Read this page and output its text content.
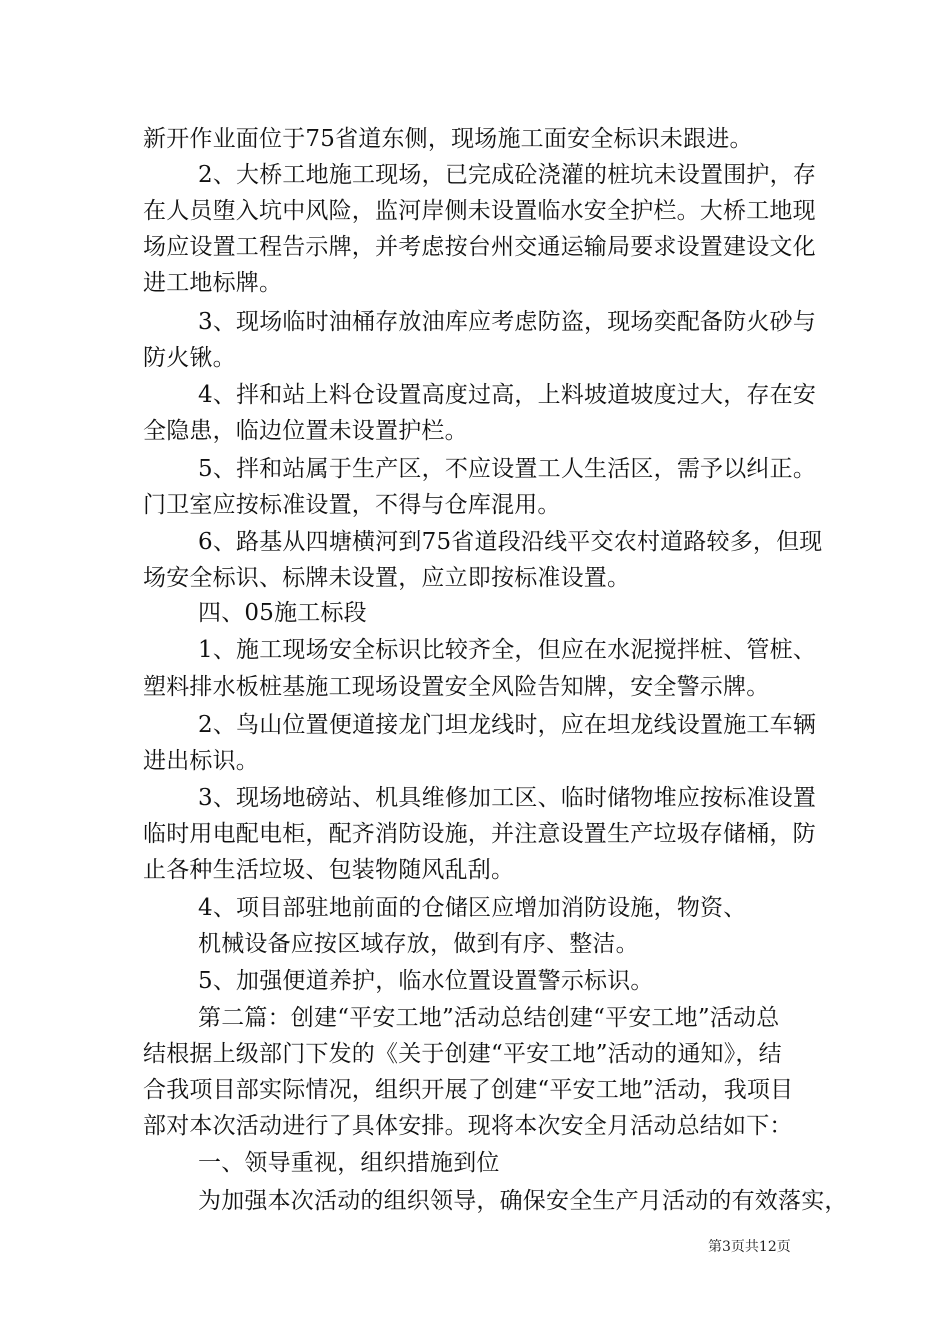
新开作业面位于75省道东侧，现场施工面安全标识未跟进。
2、大桥工地施工现场，已完成砼浇灌的桩坑未设置围护，存
在人员堕入坑中风险，监河岸侧未设置临水安全护栏。大桥工地现
场应设置工程告示牌，并考虑按台州交通运输局要求设置建设文化
进工地标牌。
3、现场临时油桶存放油库应考虑防盗，现场奕配备防火砂与
防火锹。
4、拌和站上料仓设置高度过高，上料坡道坡度过大，存在安
全隐患，临边位置未设置护栏。
5、拌和站属于生产区，不应设置工人生活区，需予以纠正。
门卫室应按标准设置，不得与仓库混用。
6、路基从四塘横河到75省道段沿线平交农村道路较多，但现
场安全标识、标牌未设置，应立即按标准设置。
四、05施工标段
1、施工现场安全标识比较齐全，但应在水泥搅拌桩、管桩、
塑料排水板桩基施工现场设置安全风险告知牌，安全警示牌。
2、鸟山位置便道接龙门坦龙线时，应在坦龙线设置施工车辆
进出标识。
3、现场地磅站、机具维修加工区、临时储物堆应按标准设置
临时用电配电柜，配齐消防设施，并注意设置生产垃圾存储桶，防
止各种生活垃圾、包装物随风乱刮。
4、项目部驻地前面的仓储区应增加消防设施，物资、
机械设备应按区域存放，做到有序、整洁。
5、加强便道养护，临水位置设置警示标识。
第二篇：创建“平安工地”活动总结创建“平安工地”活动总
结根据上级部门下发的《关于创建“平安工地”活动的通知》，结
合我项目部实际情况，组织开展了创建“平安工地”活动，我项目
部对本次活动进行了具体安排。现将本次安全月活动总结如下：
一、领导重视，组织措施到位
为加强本次活动的组织领导，确保安全生产月活动的有效落实，
第3页共12页
